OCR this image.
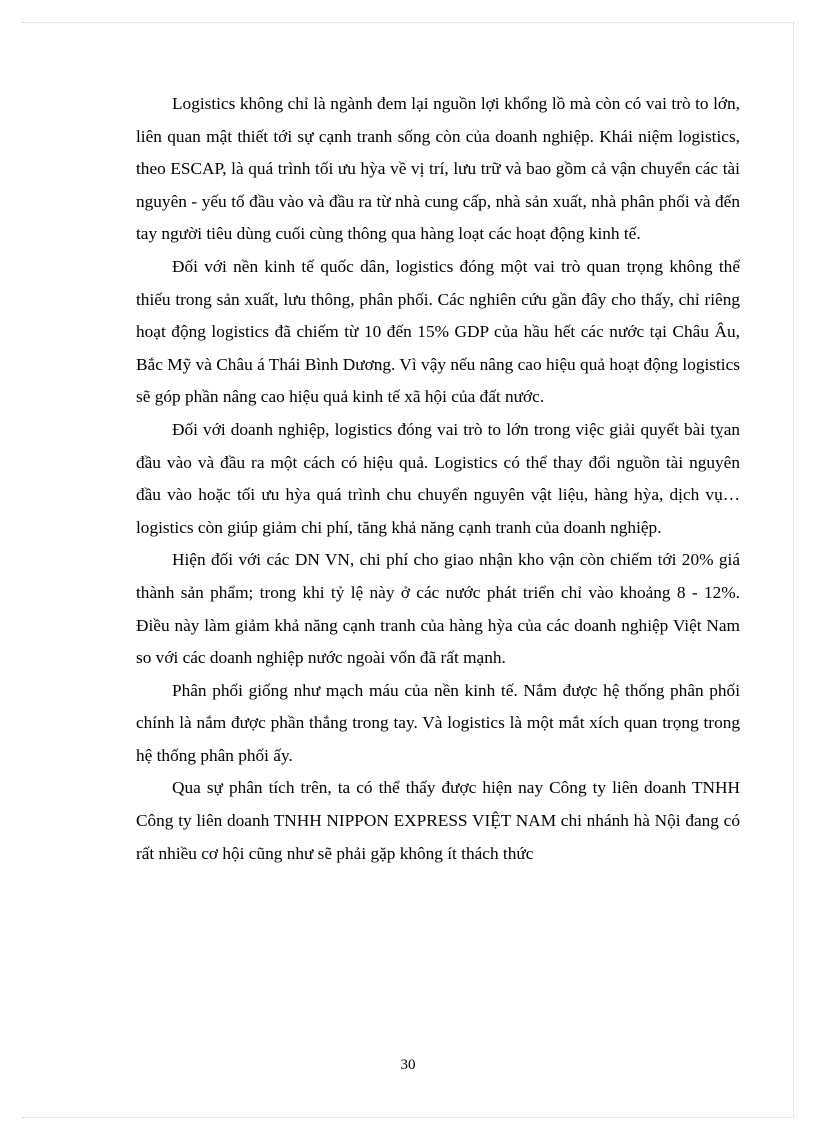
Logistics không chỉ là ngành đem lại nguồn lợi khổng lồ mà còn có vai trò to lớn, liên quan mật thiết tới sự cạnh tranh sống còn của doanh nghiệp. Khái niệm logistics, theo ESCAP, là quá trình tối ưu hỳa về vị trí, lưu trữ và bao gồm cả vận chuyển các tài nguyên - yếu tố đầu vào và đầu ra từ nhà cung cấp, nhà sản xuất, nhà phân phối và đến tay người tiêu dùng cuối cùng thông qua hàng loạt các hoạt động kinh tế.

Đối với nền kinh tế quốc dân, logistics đóng một vai trò quan trọng không thể thiếu trong sản xuất, lưu thông, phân phối. Các nghiên cứu gần đây cho thấy, chỉ riêng hoạt động logistics đã chiếm từ 10 đến 15% GDP của hầu hết các nước tại Châu Âu, Bắc Mỹ và Châu á Thái Bình Dương. Vì vậy nếu nâng cao hiệu quả hoạt động logistics sẽ góp phần nâng cao hiệu quả kinh tế xã hội của đất nước.

Đối với doanh nghiệp, logistics đóng vai trò to lớn trong việc giải quyết bài tỵan đầu vào và đầu ra một cách có hiệu quả. Logistics có thể thay đổi nguồn tài nguyên đầu vào hoặc tối ưu hỳa quá trình chu chuyển nguyên vật liệu, hàng hỳa, dịch vụ…logistics còn giúp giảm chi phí, tăng khả năng cạnh tranh của doanh nghiệp.

Hiện đối với các DN VN, chi phí cho giao nhận kho vận còn chiếm tới 20% giá thành sản phẩm; trong khi tỷ lệ này ở các nước phát triển chỉ vào khoảng 8 - 12%. Điều này làm giảm khả năng cạnh tranh của hàng hỳa của các doanh nghiệp Việt Nam so với các doanh nghiệp nước ngoài vốn đã rất mạnh.

Phân phối giống như mạch máu của nền kinh tế. Nắm được hệ thống phân phối chính là nắm được phần thắng trong tay. Và logistics là một mắt xích quan trọng trong hệ thống phân phối ấy.

Qua sự phân tích trên, ta có thể thấy được hiện nay Công ty liên doanh TNHH Công ty liên doanh TNHH NIPPON EXPRESS VIỆT NAM chi nhánh hà Nội đang có rất nhiều cơ hội cũng như sẽ phải gặp không ít thách thức

30
